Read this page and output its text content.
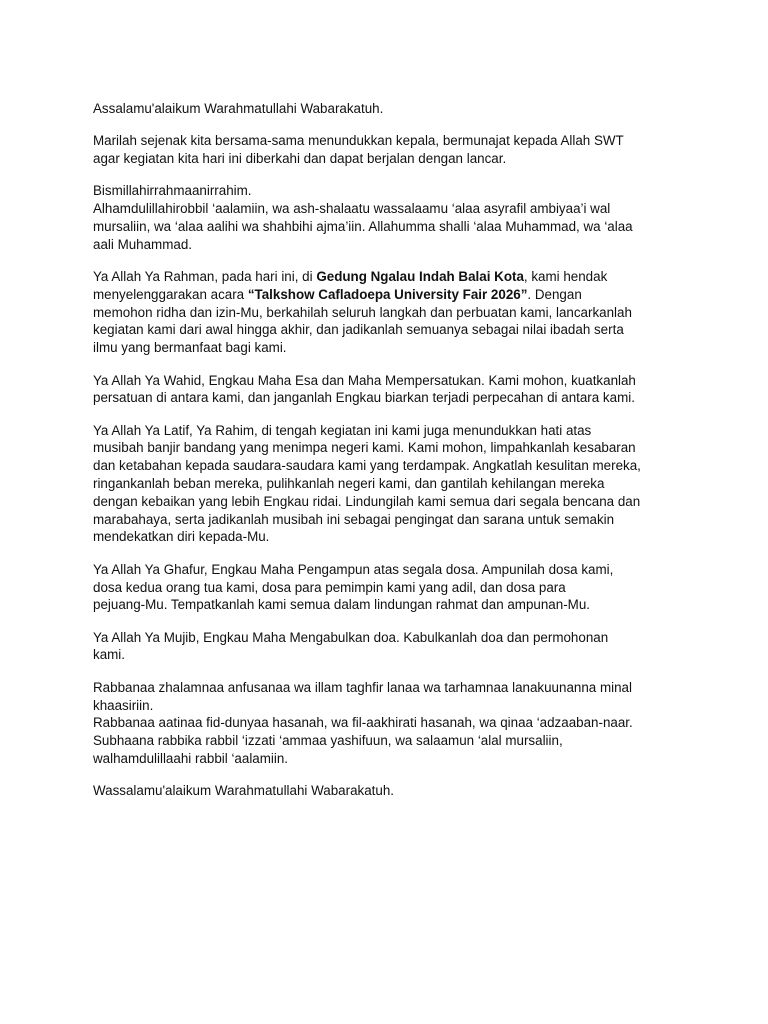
Assalamu'alaikum Warahmatullahi Wabarakatuh.

Marilah sejenak kita bersama-sama menundukkan kepala, bermunajat kepada Allah SWT
agar kegiatan kita hari ini diberkahi dan dapat berjalan dengan lancar.

Bismillahirrahmaanirrahim.
Alhamdulillahirobbil ‘aalamiin, wa ash-shalaatu wassalaamu ‘alaa asyrafil ambiyaa’i wal
mursaliin, wa ‘alaa aalihi wa shahbihi ajma’iin. Allahumma shalli ‘alaa Muhammad, wa ‘alaa
aali Muhammad.

Ya Allah Ya Rahman, pada hari ini, di Gedung Ngalau Indah Balai Kota, kami hendak
menyelenggarakan acara “Talkshow Cafladoepa University Fair 2026”. Dengan
memohon ridha dan izin-Mu, berkahilah seluruh langkah dan perbuatan kami, lancarkanlah
kegiatan kami dari awal hingga akhir, dan jadikanlah semuanya sebagai nilai ibadah serta
ilmu yang bermanfaat bagi kami.

Ya Allah Ya Wahid, Engkau Maha Esa dan Maha Mempersatukan. Kami mohon, kuatkanlah
persatuan di antara kami, dan janganlah Engkau biarkan terjadi perpecahan di antara kami.

Ya Allah Ya Latif, Ya Rahim, di tengah kegiatan ini kami juga menundukkan hati atas
musibah banjir bandang yang menimpa negeri kami. Kami mohon, limpahkanlah kesabaran
dan ketabahan kepada saudara-saudara kami yang terdampak. Angkatlah kesulitan mereka,
ringankanlah beban mereka, pulihkanlah negeri kami, dan gantilah kehilangan mereka
dengan kebaikan yang lebih Engkau ridai. Lindungilah kami semua dari segala bencana dan
marabahaya, serta jadikanlah musibah ini sebagai pengingat dan sarana untuk semakin
mendekatkan diri kepada-Mu.

Ya Allah Ya Ghafur, Engkau Maha Pengampun atas segala dosa. Ampunilah dosa kami,
dosa kedua orang tua kami, dosa para pemimpin kami yang adil, dan dosa para
pejuang-Mu. Tempatkanlah kami semua dalam lindungan rahmat dan ampunan-Mu.

Ya Allah Ya Mujib, Engkau Maha Mengabulkan doa. Kabulkanlah doa dan permohonan
kami.

Rabbanaa zhalamnaa anfusanaa wa illam taghfir lanaa wa tarhamnaa lanakuunanna minal
khaasiriin.
Rabbanaa aatinaa fid-dunyaa hasanah, wa fil-aakhirati hasanah, wa qinaa ‘adzaaban-naar.
Subhaana rabbika rabbil ‘izzati ‘ammaa yashifuun, wa salaamun ‘alal mursaliin,
walhamdulillaahi rabbil ‘aalamiin.

Wassalamu'alaikum Warahmatullahi Wabarakatuh.
